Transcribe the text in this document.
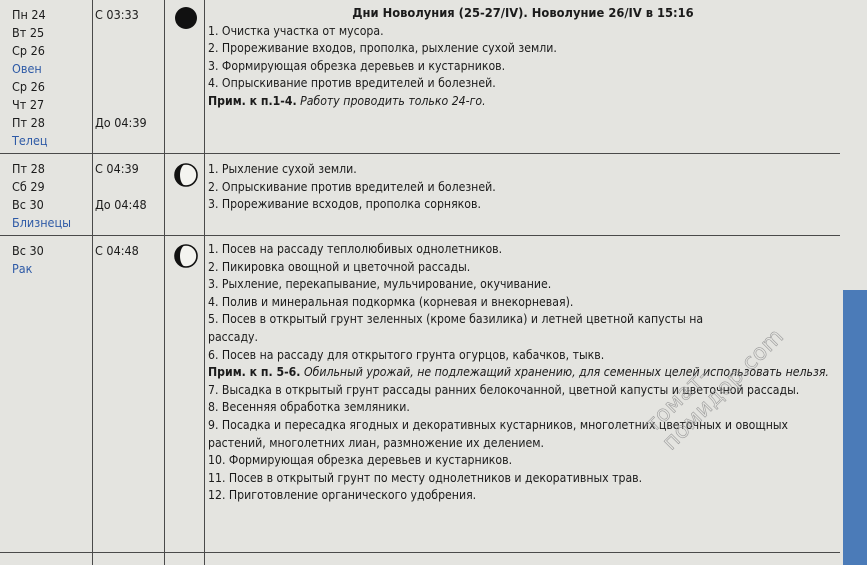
Пн 24
Вт 25
Ср 26
Овен
Ср 26
Чт 27
Пт 28
Телец
С 03:33
До 04:39
Дни Новолуния (25-27/IV). Новолуние 26/IV в 15:16
1. Очистка участка от мусора.
2. Прореживание входов, прополка, рыхление сухой земли.
3. Формирующая обрезка деревьев и кустарников.
4. Опрыскивание против вредителей и болезней.
Прим. к п.1-4. Работу проводить только 24-го.
Пт 28
Сб 29
Вс 30
Близнецы
С 04:39
До 04:48
1. Рыхление сухой земли.
2. Опрыскивание против вредителей и болезней.
3. Прореживание всходов, прополка сорняков.
Вс 30
Рак
С 04:48	1. Посев на рассаду теплолюбивых однолетников.
2. Пикировка овощной и цветочной рассады.
3. Рыхление, перекапывание, мульчирование, окучивание.
4. Полив и минеральная подкормка (корневая и внекорневая).
5. Посев в открытый грунт зеленных (кроме базилика) и летней цветной капусты на
рассаду.
6. Посев на рассаду для открытого грунта огурцов, кабачков, тыкв.
Прим. к п. 5-6. Обильный урожай, не подлежащий хранению, для семенных целей использовать нельзя.
7. Высадка в открытый грунт рассады ранних белокочанной, цветной капусты и цветочной рассады.
8. Весенняя обработка земляники.
9. Посадка и пересадка ягодных и декоративных кустарников, многолетних цветочных и овощных растений, многолетних лиан, размножение их делением.
10. Формирующая обрезка деревьев и кустарников.
11. Посев в открытый грунт по месту однолетников и декоративных трав.
12. Приготовление органического удобрения.
томат-помидор.com
